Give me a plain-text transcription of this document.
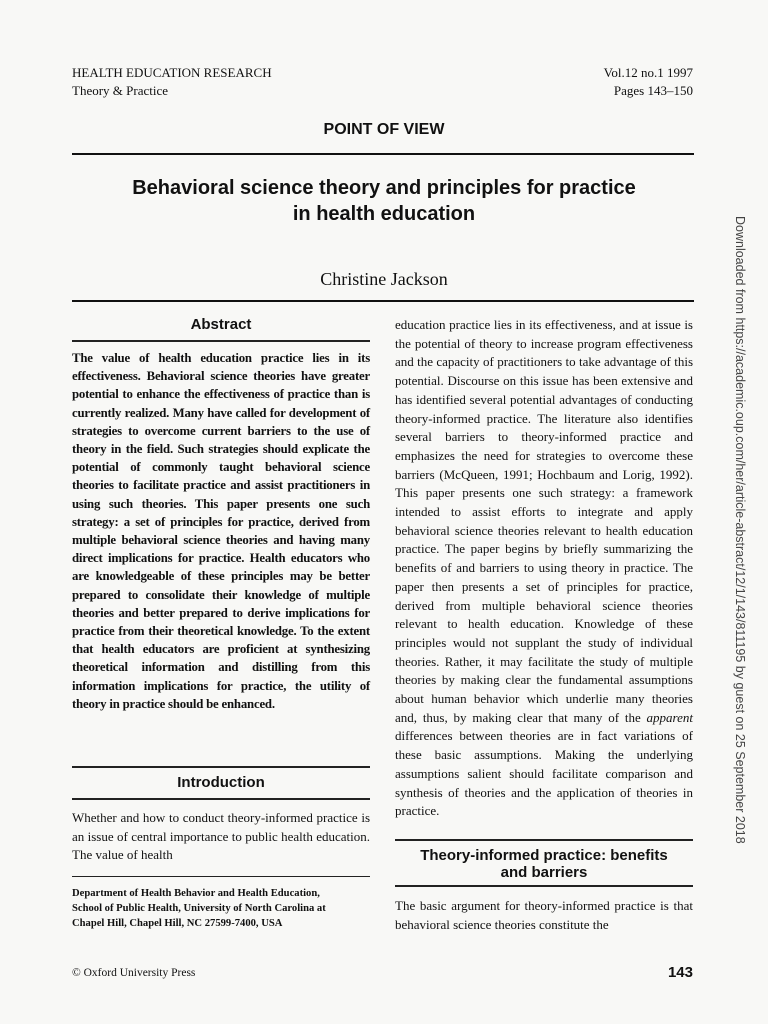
HEALTH EDUCATION RESEARCH
Theory & Practice
Vol.12 no.1 1997
Pages 143–150
POINT OF VIEW
Behavioral science theory and principles for practice
in health education
Christine Jackson
Abstract
The value of health education practice lies in its effectiveness. Behavioral science theories have greater potential to enhance the effectiveness of practice than is currently realized. Many have called for development of strategies to overcome current barriers to the use of theory in the field. Such strategies should explicate the potential of commonly taught behavioral science theories to facilitate practice and assist practitioners in using such theories. This paper presents one such strategy: a set of principles for practice, derived from multiple behavioral science theories and having many direct implications for practice. Health educators who are knowledgeable of these principles may be better prepared to consolidate their knowledge of multiple theories and better prepared to derive implications for practice from their theoretical knowledge. To the extent that health educators are proficient at synthesizing theoretical information and distilling from this information implications for practice, the utility of theory in practice should be enhanced.
Introduction
Whether and how to conduct theory-informed practice is an issue of central importance to public health education. The value of health
Department of Health Behavior and Health Education,
School of Public Health, University of North Carolina at
Chapel Hill, Chapel Hill, NC 27599-7400, USA
education practice lies in its effectiveness, and at issue is the potential of theory to increase program effectiveness and the capacity of practitioners to take advantage of this potential. Discourse on this issue has been extensive and has identified several potential advantages of conducting theory-informed practice. The literature also identifies several barriers to theory-informed practice and emphasizes the need for strategies to overcome these barriers (McQueen, 1991; Hochbaum and Lorig, 1992). This paper presents one such strategy: a framework intended to assist efforts to integrate and apply behavioral science theories relevant to health education practice. The paper begins by briefly summarizing the benefits of and barriers to using theory in practice. The paper then presents a set of principles for practice, derived from multiple behavioral science theories relevant to health education. Knowledge of these principles would not supplant the study of individual theories. Rather, it may facilitate the study of multiple theories by making clear the fundamental assumptions about human behavior which underlie many theories and, thus, by making clear that many of the apparent differences between theories are in fact variations of these basic assumptions. Making the underlying assumptions salient should facilitate comparison and synthesis of theories and the application of theories in practice.
Theory-informed practice: benefits
and barriers
The basic argument for theory-informed practice is that behavioral science theories constitute the
© Oxford University Press	143
Downloaded from https://academic.oup.com/her/article-abstract/12/1/143/811195 by guest on 25 September 2018
